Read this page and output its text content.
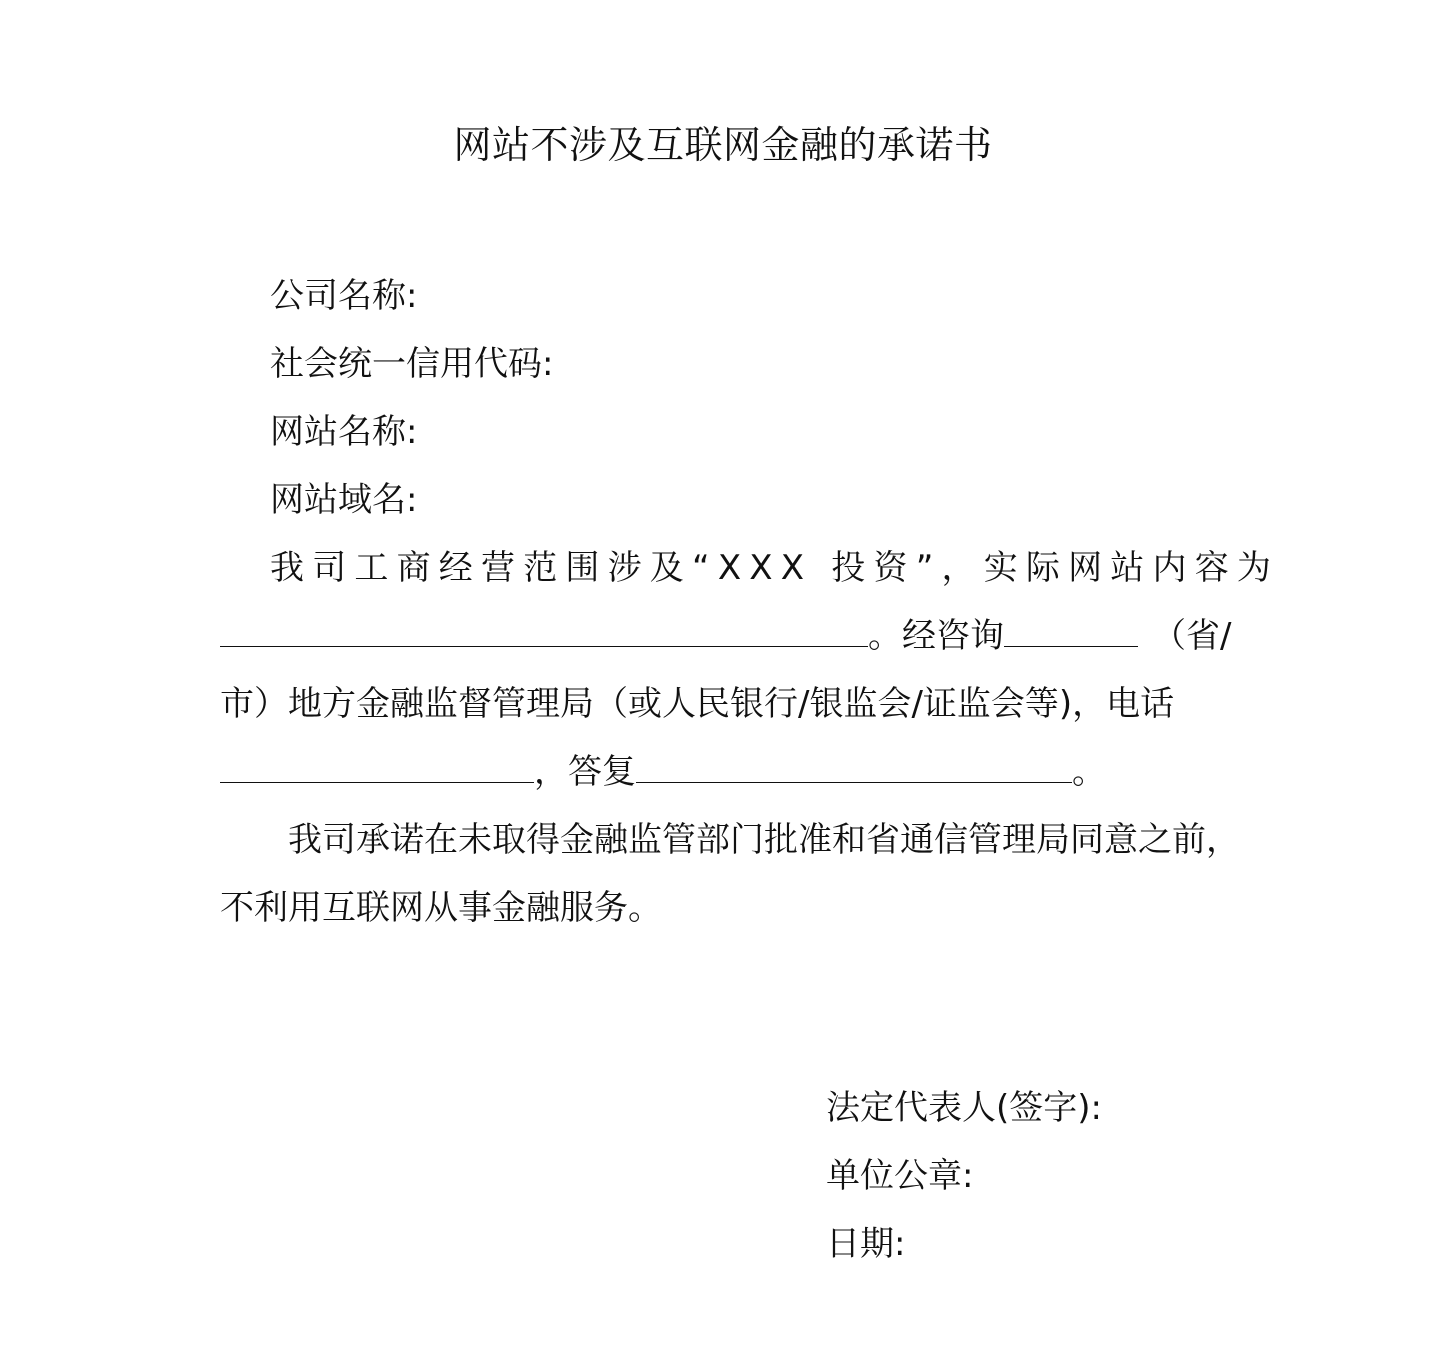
网站不涉及互联网金融的承诺书
公司名称:
社会统一信用代码:
网站名称:
网站域名:
我司工商经营范围涉及“XXX 投资”，实际网站内容为
。经咨询	（省/
市）地方金融监督管理局（或人民银行/银监会/证监会等)，电话
，答复	。
我司承诺在未取得金融监管部门批准和省通信管理局同意之前，
不利用互联网从事金融服务。
法定代表人(签字):
单位公章:
日期:
